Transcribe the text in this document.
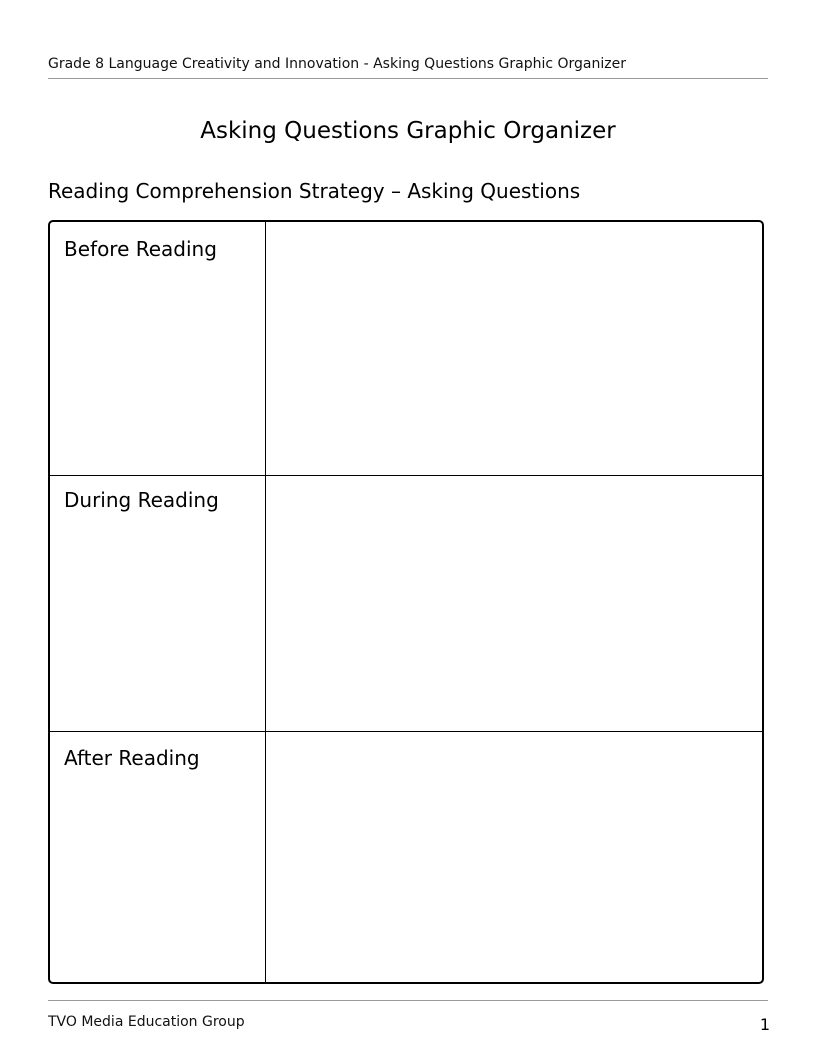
Grade 8 Language Creativity and Innovation - Asking Questions Graphic Organizer
Asking Questions Graphic Organizer
Reading Comprehension Strategy – Asking Questions
Before Reading
During Reading
After Reading
TVO Media Education Group	1
